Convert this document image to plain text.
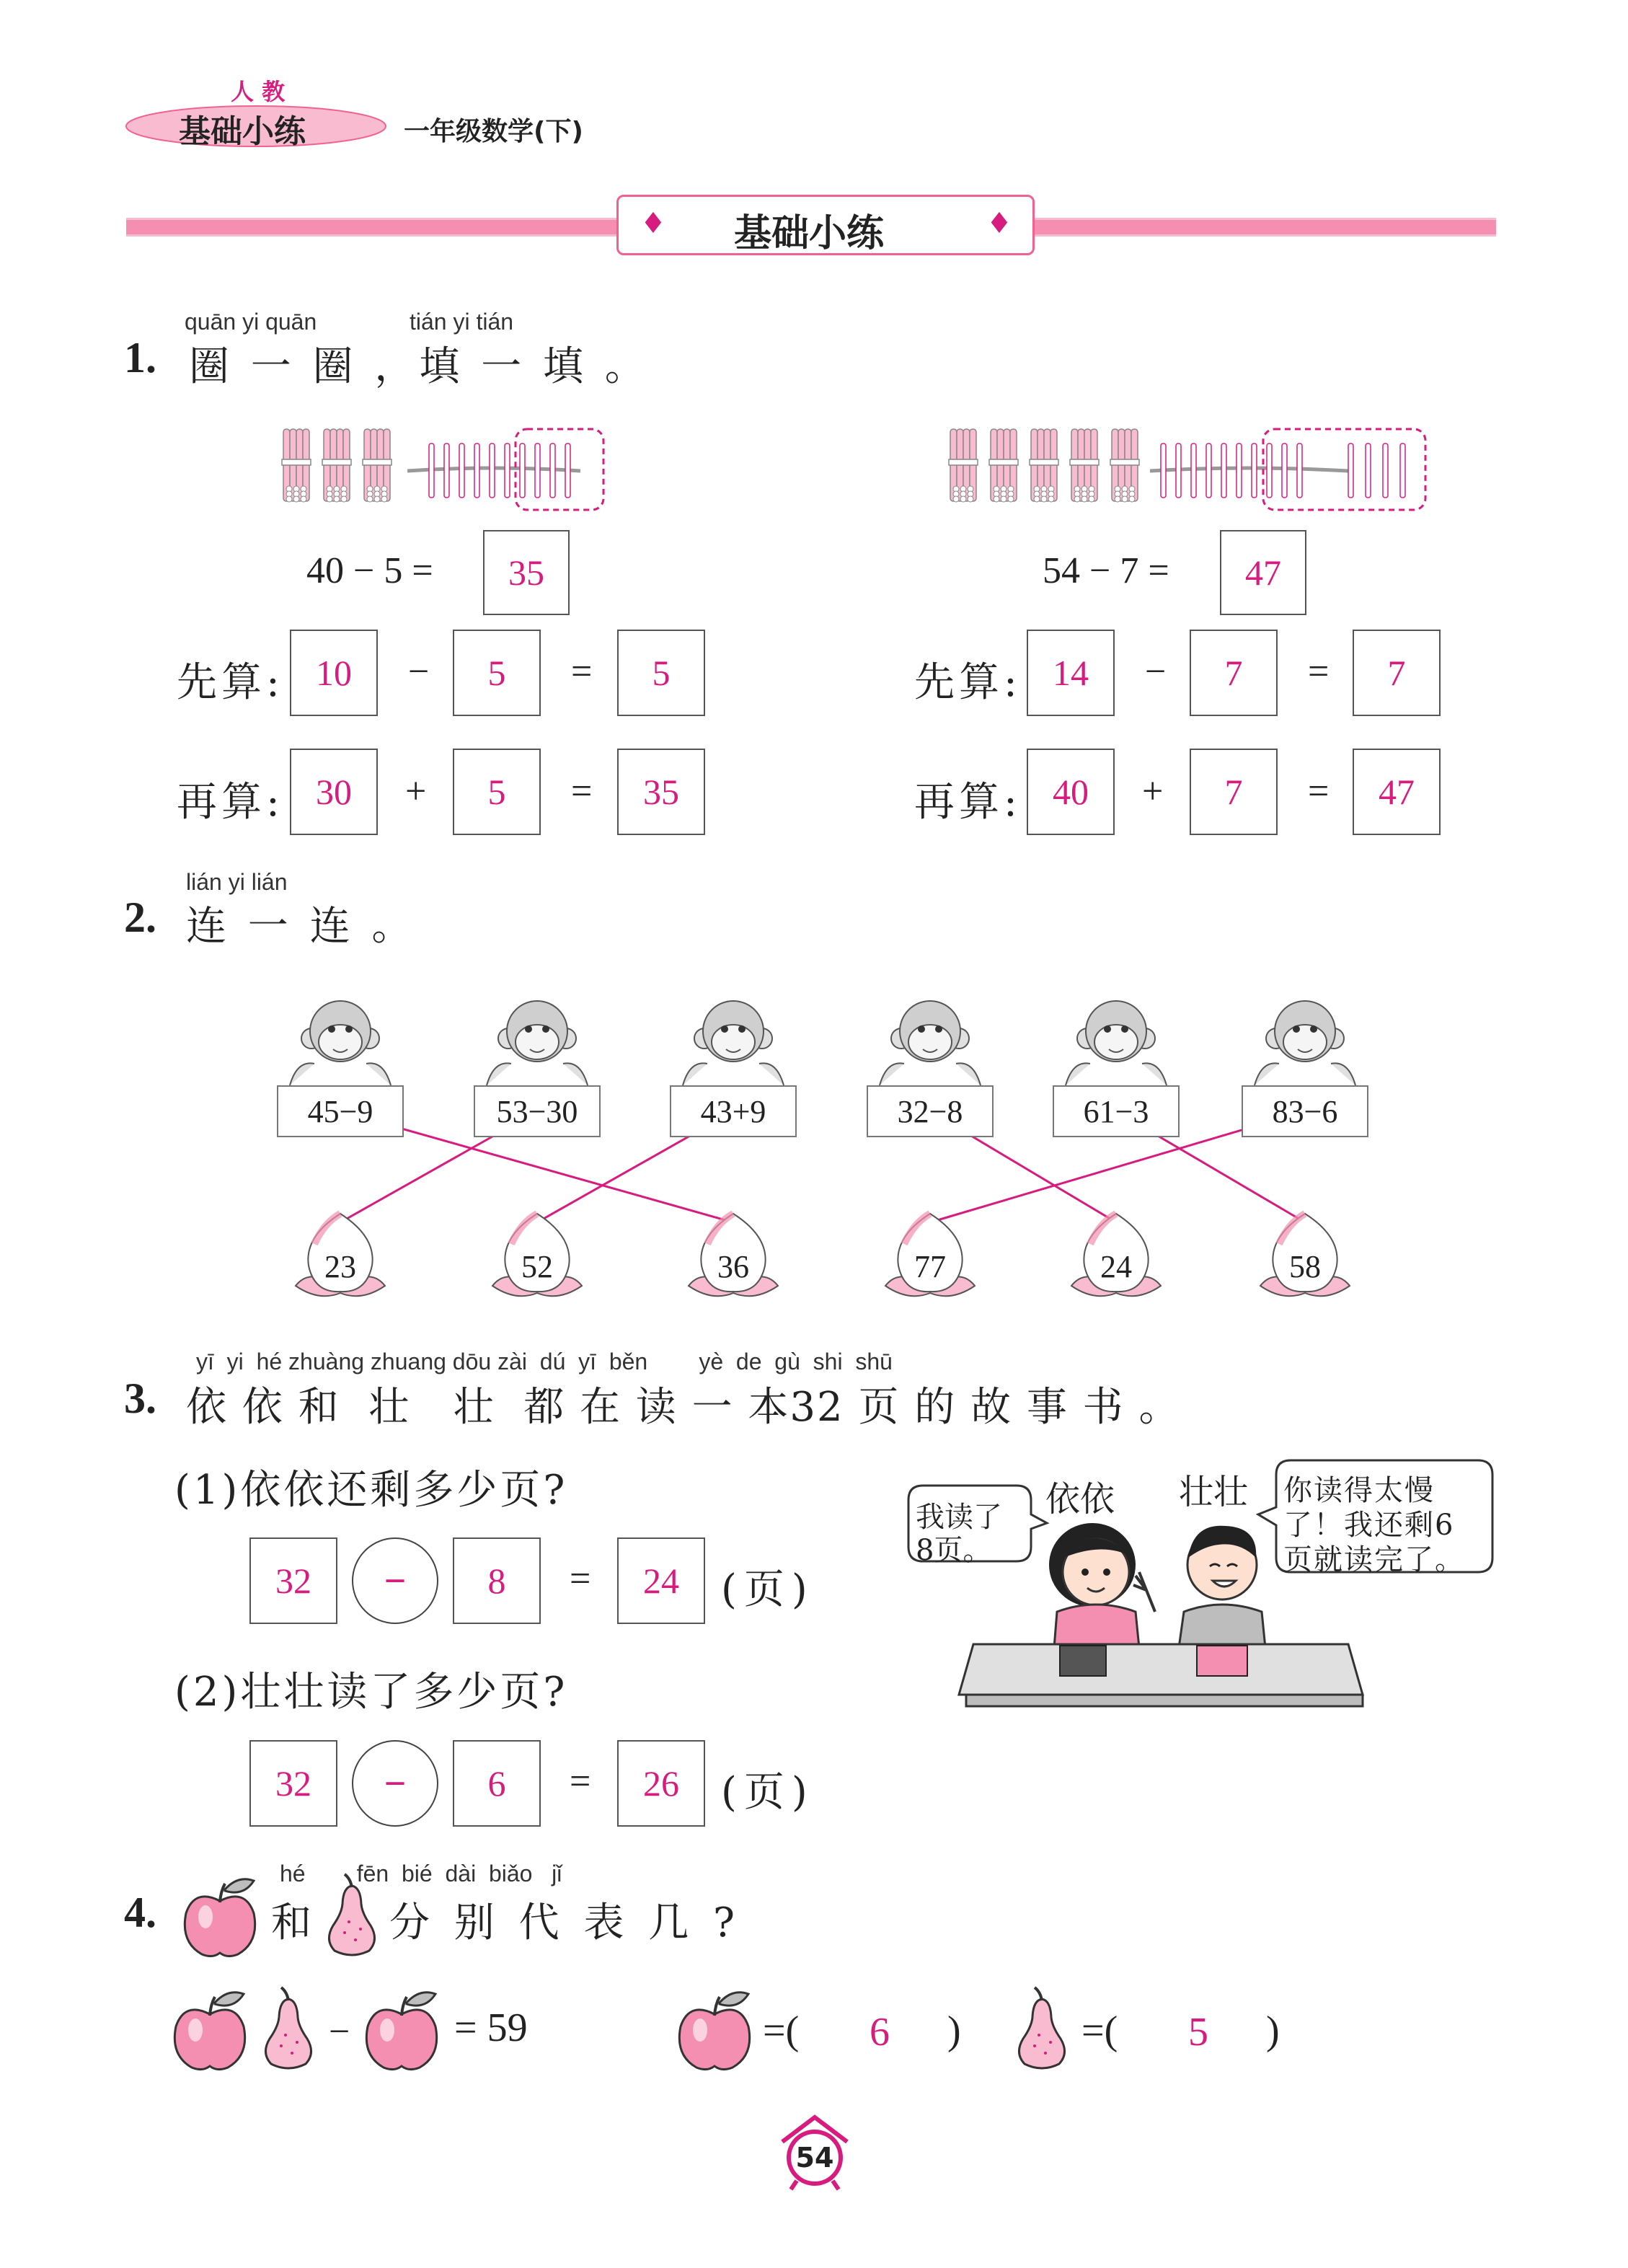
人 教
基础小练	一年级数学(下)
♦ 基础小练	♦
quān yi quān	tián yi tián
1. 圈 一 圈 ，填 一 填 。
40 − 5 =	35
先算: 10	−	5	=	5
再算: 30	+	5	=	35
54 − 7 =	47
先算: 14	−	7	=	7
再算: 40	+	7	=	47
lián yi lián
2. 连 一 连 。
45−9	53−30	43+9	32−8	61−3	83−6
23	52	36	77	24	58
yī  yi  hé zhuàng zhuang dōu zài  dú  yī  běn        yè  de  gù  shi  shū
3. 依 依 和  壮   壮  都 在 读 一 本32 页 的 故 事 书 。
(1)依依还剩多少页?
32	−	8	=	24	(页)
(2)壮壮读了多少页?
32	−	6	=	26	(页)
依依 壮壮
我读了
8页。
你读得太慢
了！我还剩6
页就读完了。
hé        fēn  bié  dài  biǎo   jǐ
4.	和 分 别 代 表 几 ?
−	= 59	=( 6 )	=( 5 )
54
